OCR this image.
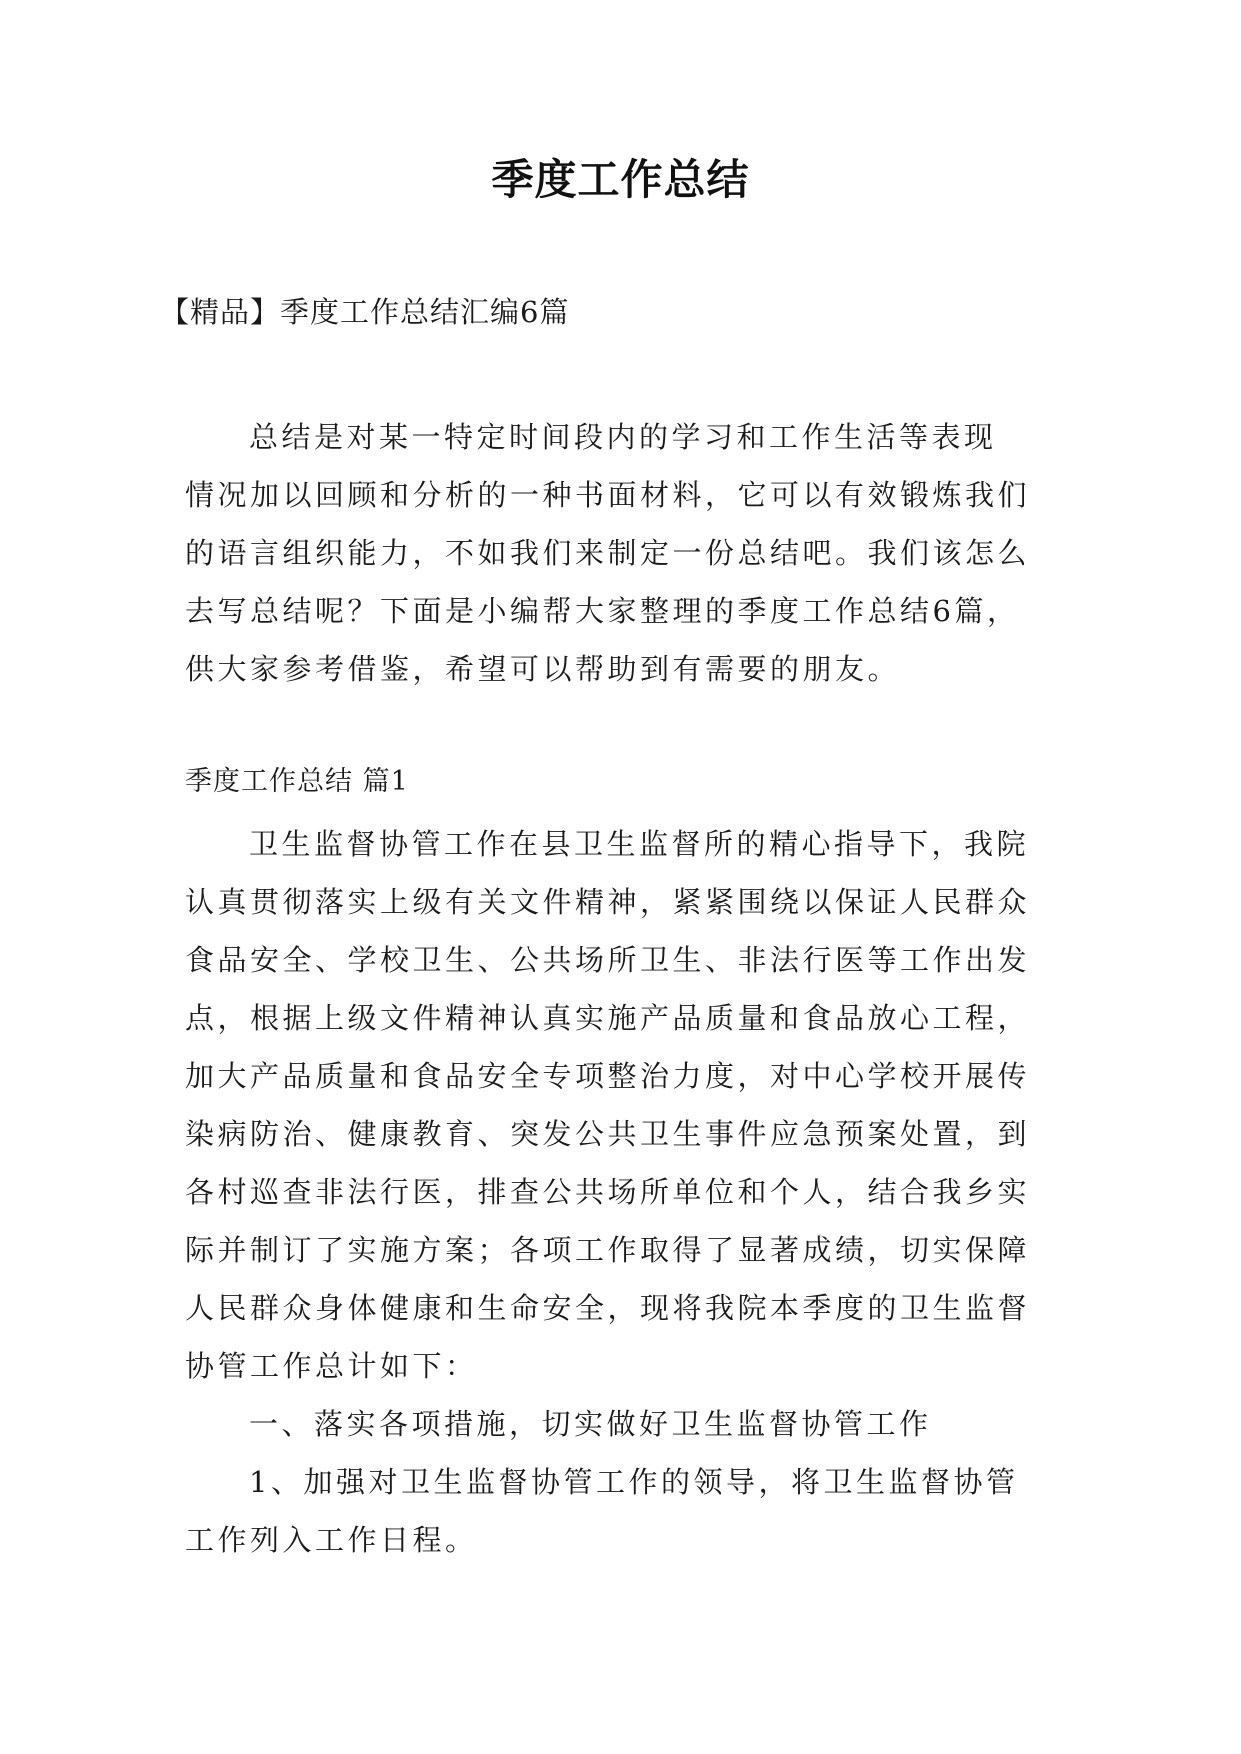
季度工作总结
【精品】季度工作总结汇编6篇
总结是对某一特定时间段内的学习和工作生活等表现
情况加以回顾和分析的一种书面材料，它可以有效锻炼我们
的语言组织能力，不如我们来制定一份总结吧。我们该怎么
去写总结呢？下面是小编帮大家整理的季度工作总结6篇，
供大家参考借鉴，希望可以帮助到有需要的朋友。
季度工作总结 篇1
卫生监督协管工作在县卫生监督所的精心指导下，我院
认真贯彻落实上级有关文件精神，紧紧围绕以保证人民群众
食品安全、学校卫生、公共场所卫生、非法行医等工作出发
点，根据上级文件精神认真实施产品质量和食品放心工程，
加大产品质量和食品安全专项整治力度，对中心学校开展传
染病防治、健康教育、突发公共卫生事件应急预案处置，到
各村巡查非法行医，排查公共场所单位和个人，结合我乡实
际并制订了实施方案；各项工作取得了显著成绩，切实保障
人民群众身体健康和生命安全，现将我院本季度的卫生监督
协管工作总计如下：
一、落实各项措施，切实做好卫生监督协管工作
1、加强对卫生监督协管工作的领导，将卫生监督协管
工作列入工作日程。
